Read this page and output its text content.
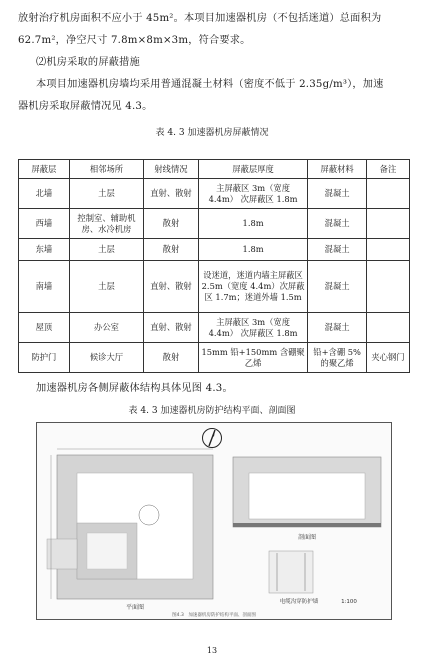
放射治疗机房面积不应小于 45m²。本项目加速器机房（不包括迷道）总面积为
62.7m²，净空尺寸 7.8m×8m×3m，符合要求。
⑵机房采取的屏蔽措施
本项目加速器机房墙均采用普通混凝土材料（密度不低于 2.35g/m³），加速
器机房采取屏蔽情况见 4.3。
表 4. 3 加速器机房屏蔽情况
屏蔽层	相邻场所	射线情况	屏蔽层厚度	屏蔽材料	备注
北墙	土层	直射、散射	主屏蔽区 3m（宽度 4.4m） 次屏蔽区 1.8m	混凝土	
西墙	控制室、辅助机房、水冷机房	散射	1.8m	混凝土	
东墙	土层	散射	1.8m	混凝土	
南墙	土层	直射、散射	设迷道，迷道内墙主屏蔽区 2.5m（宽度 4.4m）次屏蔽区 1.7m；迷道外墙 1.5m	混凝土	
屋顶	办公室	直射、散射	主屏蔽区 3m（宽度 4.4m） 次屏蔽区 1.8m	混凝土	
防护门	候诊大厅	散射	15mm 铅+150mm 含硼聚乙烯	铅+含硼 5%的聚乙烯	夹心钢门
加速器机房各侧屏蔽体结构具体见图 4.3。
表 4. 3 加速器机房防护结构平面、剖面图
平面图
剖面图
电缆沟穿防护墙	1:100
图4.3　加速器机房防护结构平面、剖面图
13
